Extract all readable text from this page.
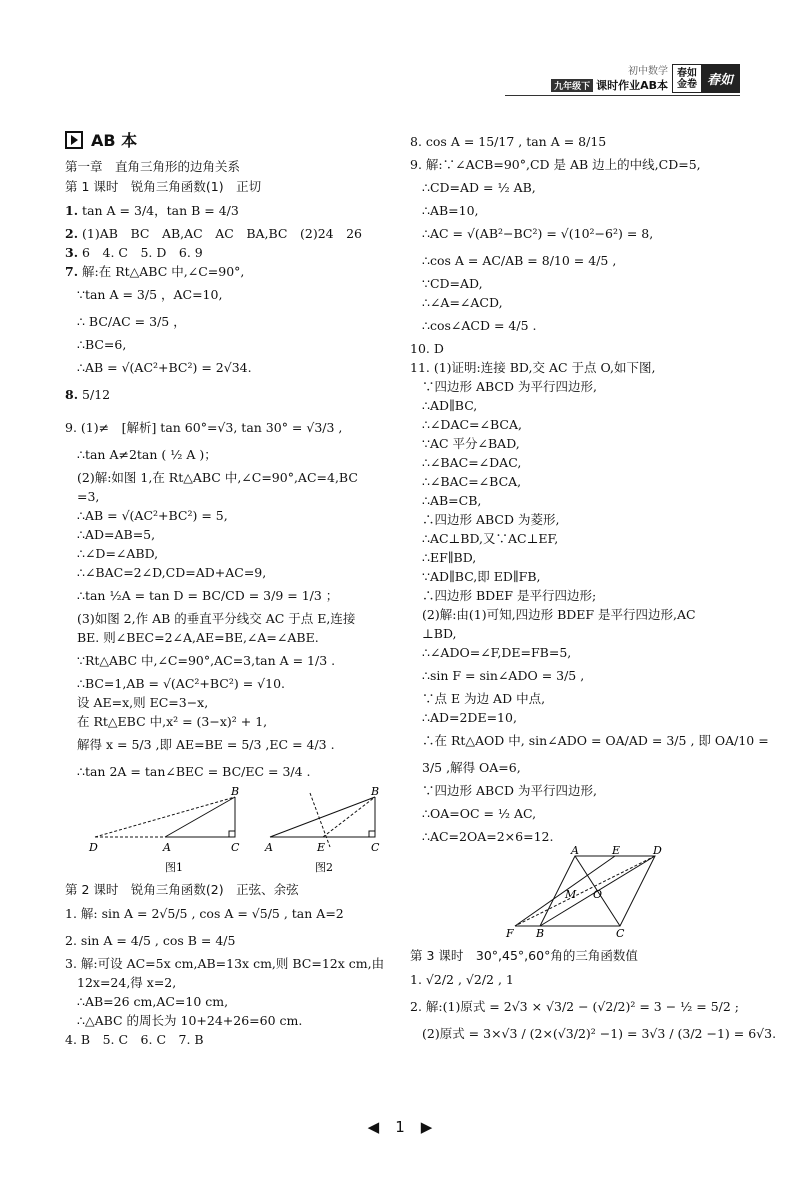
初中数学
九年级下 课时作业AB本
春如
金卷 春如
AB 本
第一章　直角三角形的边角关系
第 1 课时　锐角三角函数(1)　正切
1. tan A = 3/4，tan B = 4/3
2. (1)AB　BC　AB,AC　AC　BA,BC　(2)24　26
3. 6　4. C　5. D　6. 9
7. 解:在 Rt△ABC 中,∠C=90°,
∵tan A = 3/5 ，AC=10,
∴ BC/AC = 3/5 ，
∴BC=6,
∴AB = √(AC²+BC²) = 2√34.
8. 5/12
9. (1)≠　[解析] tan 60°=√3, tan 30° = √3/3 ,
∴tan A≠2tan ( ½ A )；
(2)解:如图 1,在 Rt△ABC 中,∠C=90°,AC=4,BC
=3,
∴AB = √(AC²+BC²) = 5,
∴AD=AB=5,
∴∠D=∠ABD,
∴∠BAC=2∠D,CD=AD+AC=9,
∴tan ½A = tan D = BC/CD = 3/9 = 1/3 ；
(3)如图 2,作 AB 的垂直平分线交 AC 于点 E,连接
BE. 则∠BEC=2∠A,AE=BE,∠A=∠ABE.
∵Rt△ABC 中,∠C=90°,AC=3,tan A = 1/3 .
∴BC=1,AB = √(AC²+BC²) = √10.
设 AE=x,则 EC=3−x,
在 Rt△EBC 中,x² = (3−x)² + 1,
解得 x = 5/3 ,即 AE=BE = 5/3 ,EC = 4/3 .
∴tan 2A = tan∠BEC = BC/EC = 3/4 .
D	A	C
B
图1
A	E	C
B
图2
第 2 课时　锐角三角函数(2)　正弦、余弦
1. 解: sin A = 2√5/5 , cos A = √5/5 , tan A=2
2. sin A = 4/5 , cos B = 4/5
3. 解:可设 AC=5x cm,AB=13x cm,则 BC=12x cm,由
12x=24,得 x=2,
∴AB=26 cm,AC=10 cm,
∴△ABC 的周长为 10+24+26=60 cm.
4. B　5. C　6. C　7. B
8. cos A = 15/17 , tan A = 8/15
9. 解:∵∠ACB=90°,CD 是 AB 边上的中线,CD=5,
∴CD=AD = ½ AB,
∴AB=10,
∴AC = √(AB²−BC²) = √(10²−6²) = 8,
∴cos A = AC/AB = 8/10 = 4/5 ,
∵CD=AD,
∴∠A=∠ACD,
∴cos∠ACD = 4/5 .
10. D
11. (1)证明:连接 BD,交 AC 于点 O,如下图,
∵四边形 ABCD 为平行四边形,
∴AD∥BC,
∴∠DAC=∠BCA,
∵AC 平分∠BAD,
∴∠BAC=∠DAC,
∴∠BAC=∠BCA,
∴AB=CB,
∴四边形 ABCD 为菱形,
∴AC⊥BD,又∵AC⊥EF,
∴EF∥BD,
∵AD∥BC,即 ED∥FB,
∴四边形 BDEF 是平行四边形;
(2)解:由(1)可知,四边形 BDEF 是平行四边形,AC
⊥BD,
∴∠ADO=∠F,DE=FB=5,
∴sin F = sin∠ADO = 3/5 ,
∵点 E 为边 AD 中点,
∴AD=2DE=10,
∴在 Rt△AOD 中, sin∠ADO = OA/AD = 3/5 , 即 OA/10 =
3/5 ,解得 OA=6,
∵四边形 ABCD 为平行四边形,
∴OA=OC = ½ AC,
∴AC=2OA=2×6=12.
A	E	D
F B	C
M O
第 3 课时　30°,45°,60°角的三角函数值
1. √2/2 , √2/2 , 1
2. 解:(1)原式 = 2√3 × √3/2 − (√2/2)² = 3 − ½ = 5/2 ;
(2)原式 = 3×√3 / (2×(√3/2)² −1) = 3√3 / (3/2 −1) = 6√3.
◀ 1 ▶
